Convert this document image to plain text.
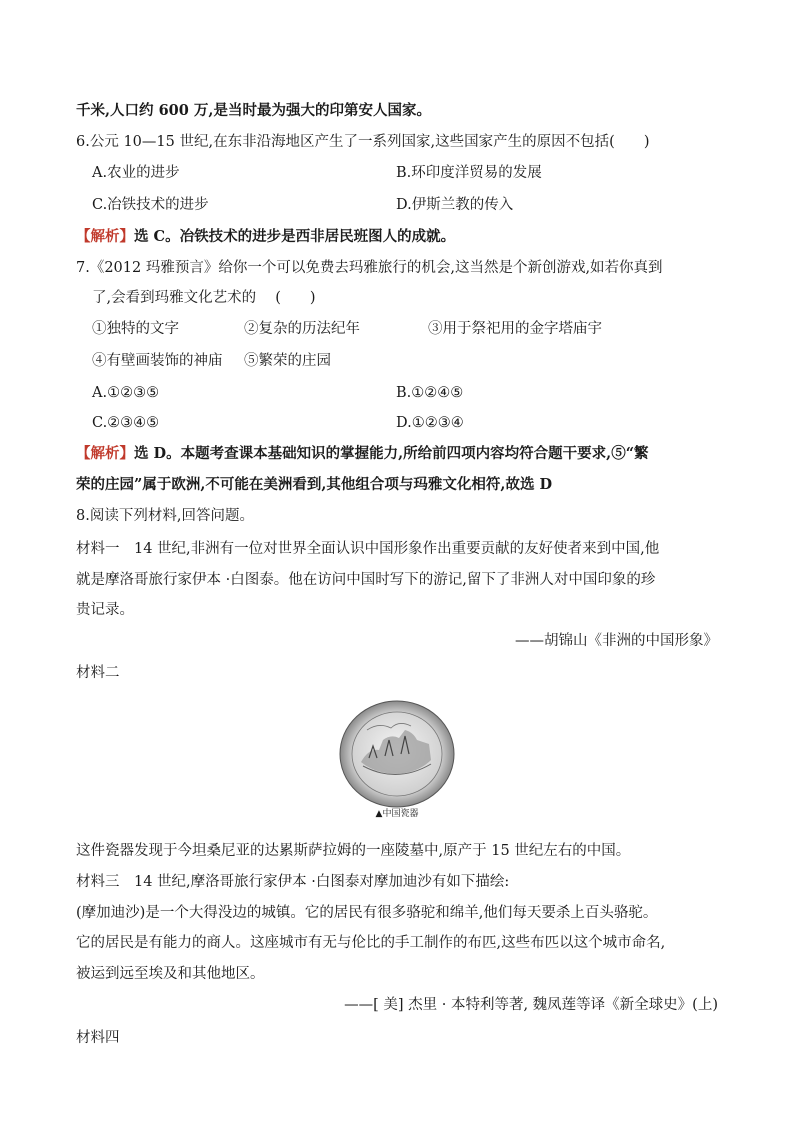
千米,人口约 600 万,是当时最为强大的印第安人国家。
6.公元 10—15 世纪,在东非沿海地区产生了一系列国家,这些国家产生的原因不包括(　　)
A.农业的进步	B.环印度洋贸易的发展
C.冶铁技术的进步	D.伊斯兰教的传入
【解析】选 C。冶铁技术的进步是西非居民班图人的成就。
7.《2012 玛雅预言》给你一个可以免费去玛雅旅行的机会,这当然是个新创游戏,如若你真到
了,会看到玛雅文化艺术的　 (　　)
①独特的文字	②复杂的历法纪年	③用于祭祀用的金字塔庙宇
④有壁画装饰的神庙 ⑤繁荣的庄园
A.①②③⑤	B.①②④⑤
C.②③④⑤	D.①②③④
【解析】选 D。本题考查课本基础知识的掌握能力,所给前四项内容均符合题干要求,⑤“繁
荣的庄园”属于欧洲,不可能在美洲看到,其他组合项与玛雅文化相符,故选 D
8.阅读下列材料,回答问题。
材料一　14 世纪,非洲有一位对世界全面认识中国形象作出重要贡献的友好使者来到中国,他
就是摩洛哥旅行家伊本 ·白图泰。他在访问中国时写下的游记,留下了非洲人对中国印象的珍
贵记录。
——胡锦山《非洲的中国形象》
材料二
▲中国瓷器
这件瓷器发现于今坦桑尼亚的达累斯萨拉姆的一座陵墓中,原产于 15 世纪左右的中国。
材料三　14 世纪,摩洛哥旅行家伊本 ·白图泰对摩加迪沙有如下描绘:
(摩加迪沙)是一个大得没边的城镇。它的居民有很多骆驼和绵羊,他们每天要杀上百头骆驼。
它的居民是有能力的商人。这座城市有无与伦比的手工制作的布匹,这些布匹以这个城市命名,
被运到远至埃及和其他地区。
——[ 美] 杰里 · 本特利等著, 魏凤莲等译《新全球史》(上)
材料四
